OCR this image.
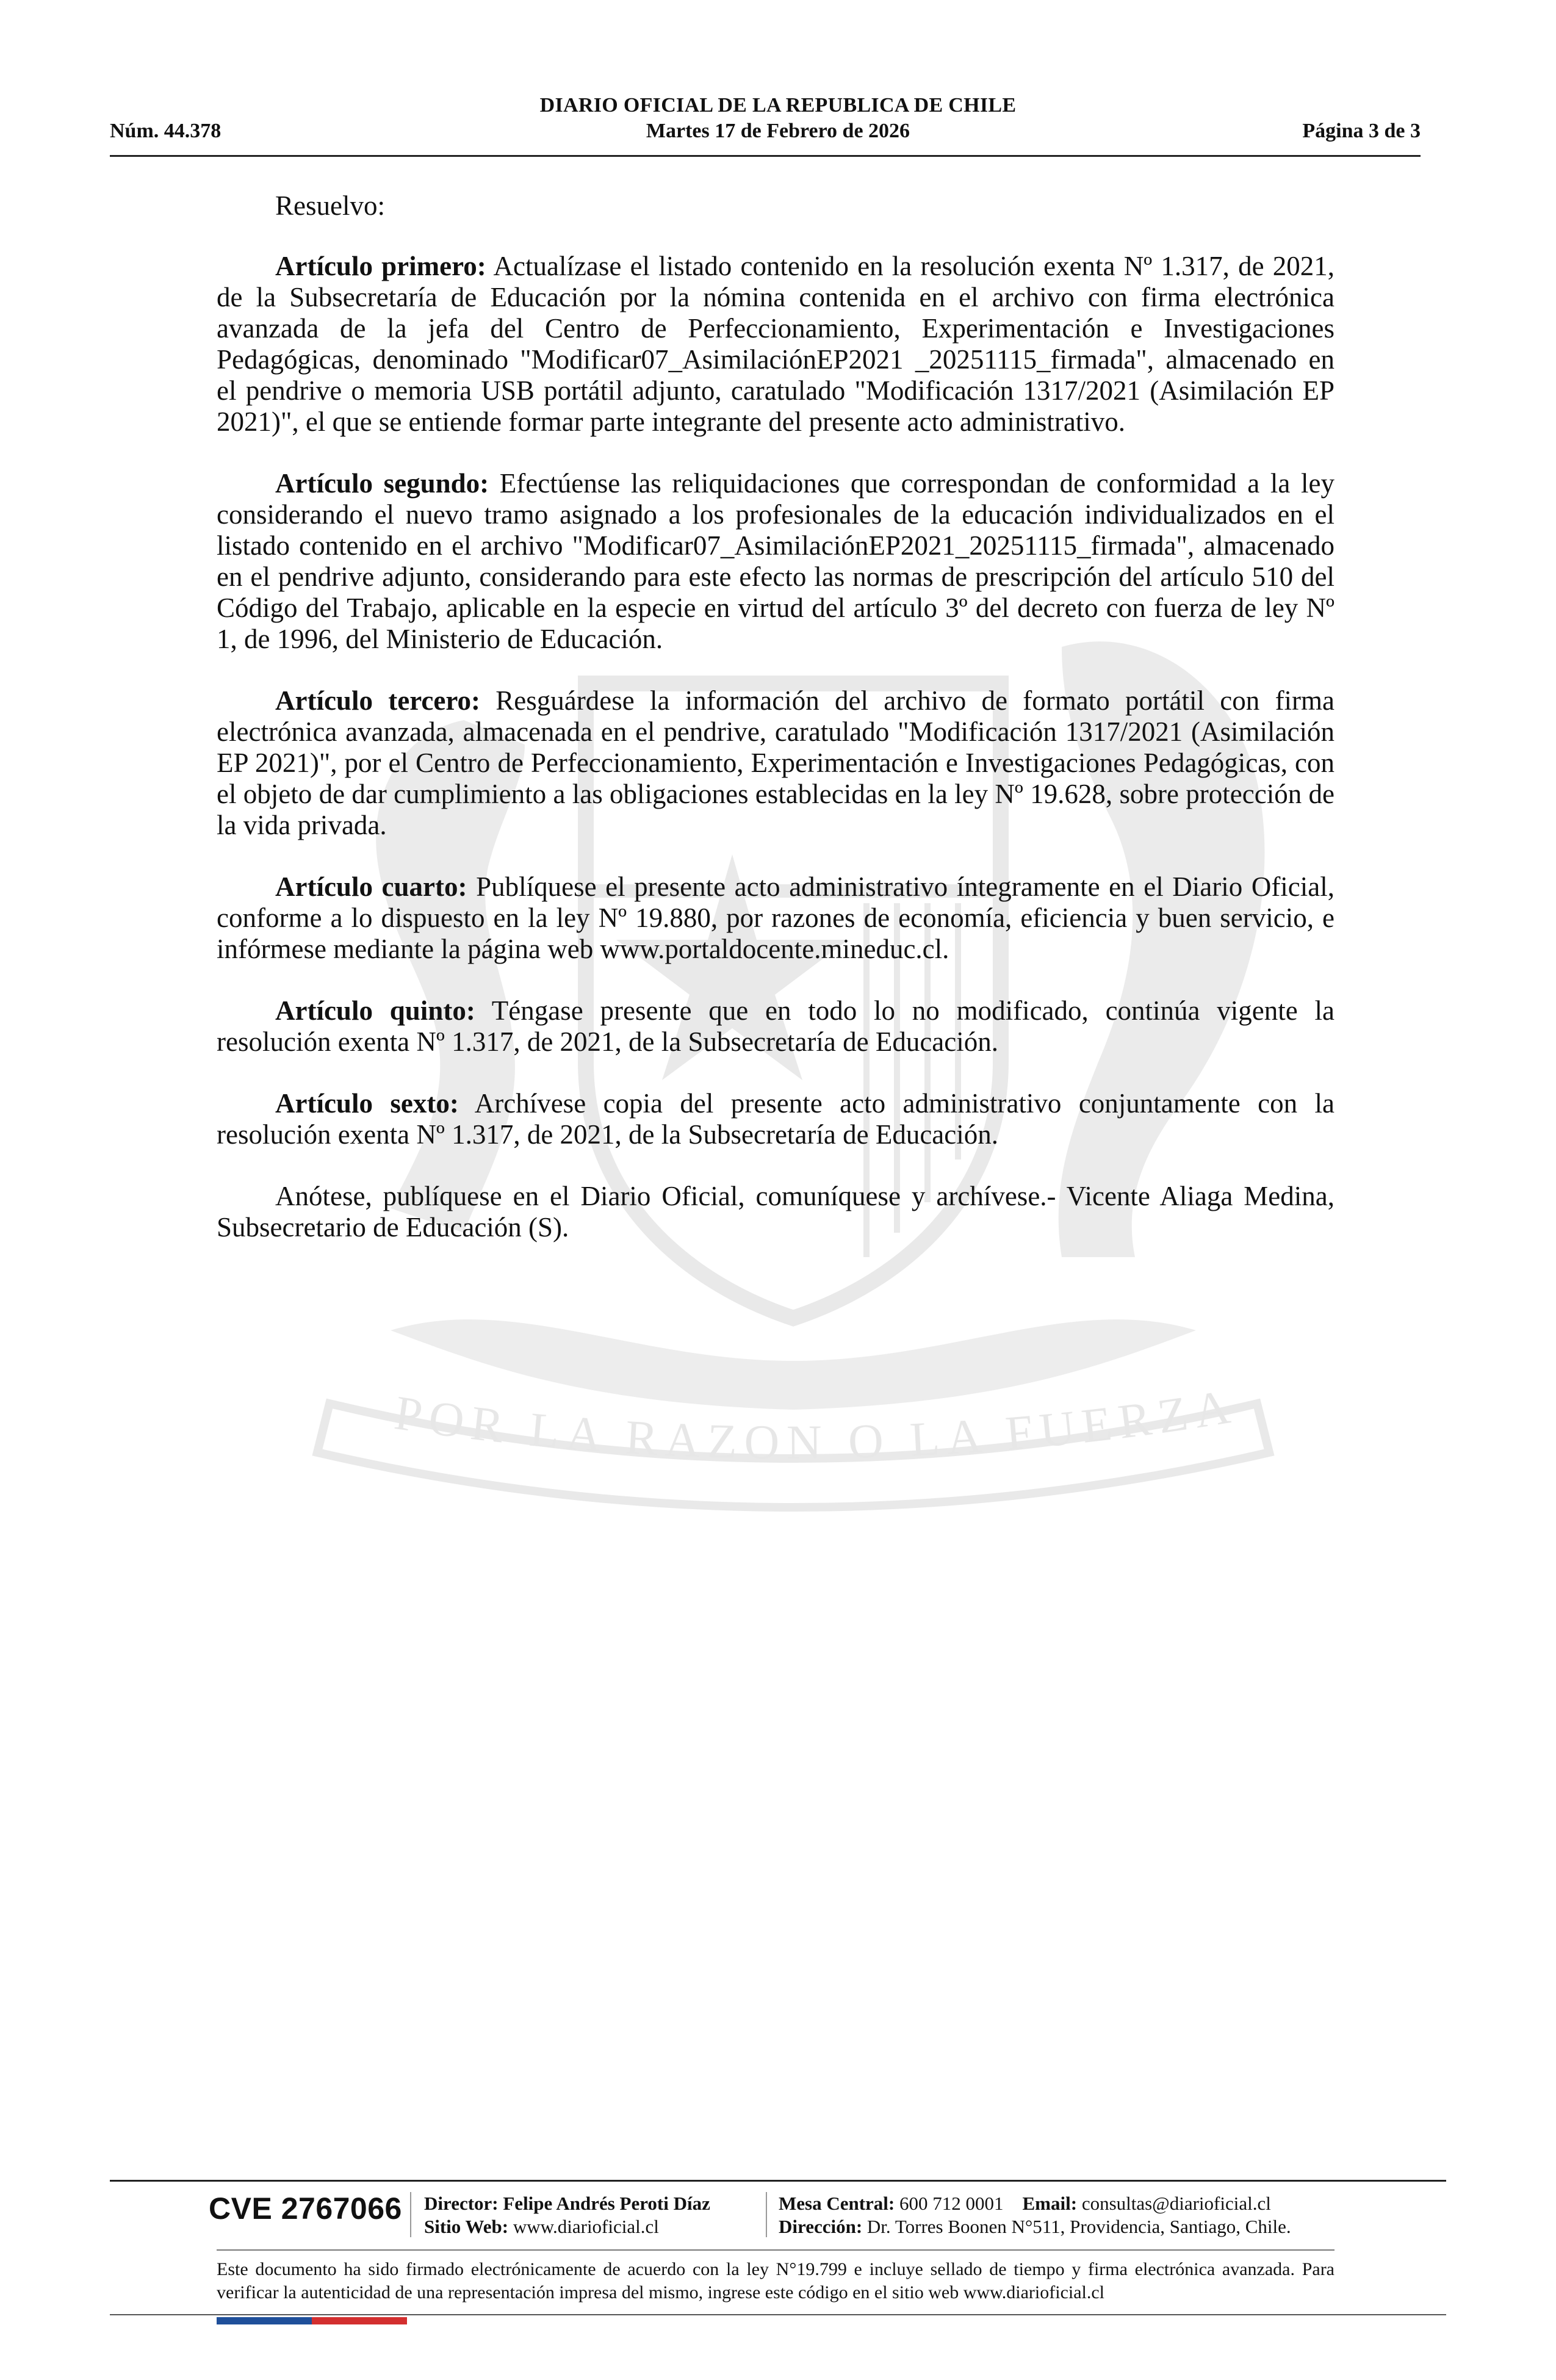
DIARIO OFICIAL DE LA REPUBLICA DE CHILE
Núm. 44.378	Martes 17 de Febrero de 2026	Página 3 de 3
POR LA RAZON O LA FUERZA

Resuelvo:

Artículo primero: Actualízase el listado contenido en la resolución exenta Nº 1.317, de 2021, de la Subsecretaría de Educación por la nómina contenida en el archivo con firma electrónica avanzada de la jefa del Centro de Perfeccionamiento, Experimentación e Investigaciones Pedagógicas, denominado "Modificar07_AsimilaciónEP2021 _20251115_firmada", almacenado en el pendrive o memoria USB portátil adjunto, caratulado "Modificación 1317/2021 (Asimilación EP 2021)", el que se entiende formar parte integrante del presente acto administrativo.

Artículo segundo: Efectúense las reliquidaciones que correspondan de conformidad a la ley considerando el nuevo tramo asignado a los profesionales de la educación individualizados en el listado contenido en el archivo "Modificar07_AsimilaciónEP2021_20251115_firmada", almacenado en el pendrive adjunto, considerando para este efecto las normas de prescripción del artículo 510 del Código del Trabajo, aplicable en la especie en virtud del artículo 3º del decreto con fuerza de ley Nº 1, de 1996, del Ministerio de Educación.

Artículo tercero: Resguárdese la información del archivo de formato portátil con firma electrónica avanzada, almacenada en el pendrive, caratulado "Modificación 1317/2021 (Asimilación EP 2021)", por el Centro de Perfeccionamiento, Experimentación e Investigaciones Pedagógicas, con el objeto de dar cumplimiento a las obligaciones establecidas en la ley Nº 19.628, sobre protección de la vida privada.

Artículo cuarto: Publíquese el presente acto administrativo íntegramente en el Diario Oficial, conforme a lo dispuesto en la ley Nº 19.880, por razones de economía, eficiencia y buen servicio, e infórmese mediante la página web www.portaldocente.mineduc.cl.

Artículo quinto: Téngase presente que en todo lo no modificado, continúa vigente la resolución exenta Nº 1.317, de 2021, de la Subsecretaría de Educación.

Artículo sexto: Archívese copia del presente acto administrativo conjuntamente con la resolución exenta Nº 1.317, de 2021, de la Subsecretaría de Educación.

Anótese, publíquese en el Diario Oficial, comuníquese y archívese.- Vicente Aliaga Medina, Subsecretario de Educación (S).

CVE 2767066 Director: Felipe Andrés Peroti Díaz
Sitio Web: www.diarioficial.cl
Mesa Central: 600 712 0001 Email: consultas@diarioficial.cl
Dirección: Dr. Torres Boonen N°511, Providencia, Santiago, Chile.
Este documento ha sido firmado electrónicamente de acuerdo con la ley N°19.799 e incluye sellado de tiempo y firma electrónica avanzada. Para verificar la autenticidad de una representación impresa del mismo, ingrese este código en el sitio web www.diarioficial.cl
